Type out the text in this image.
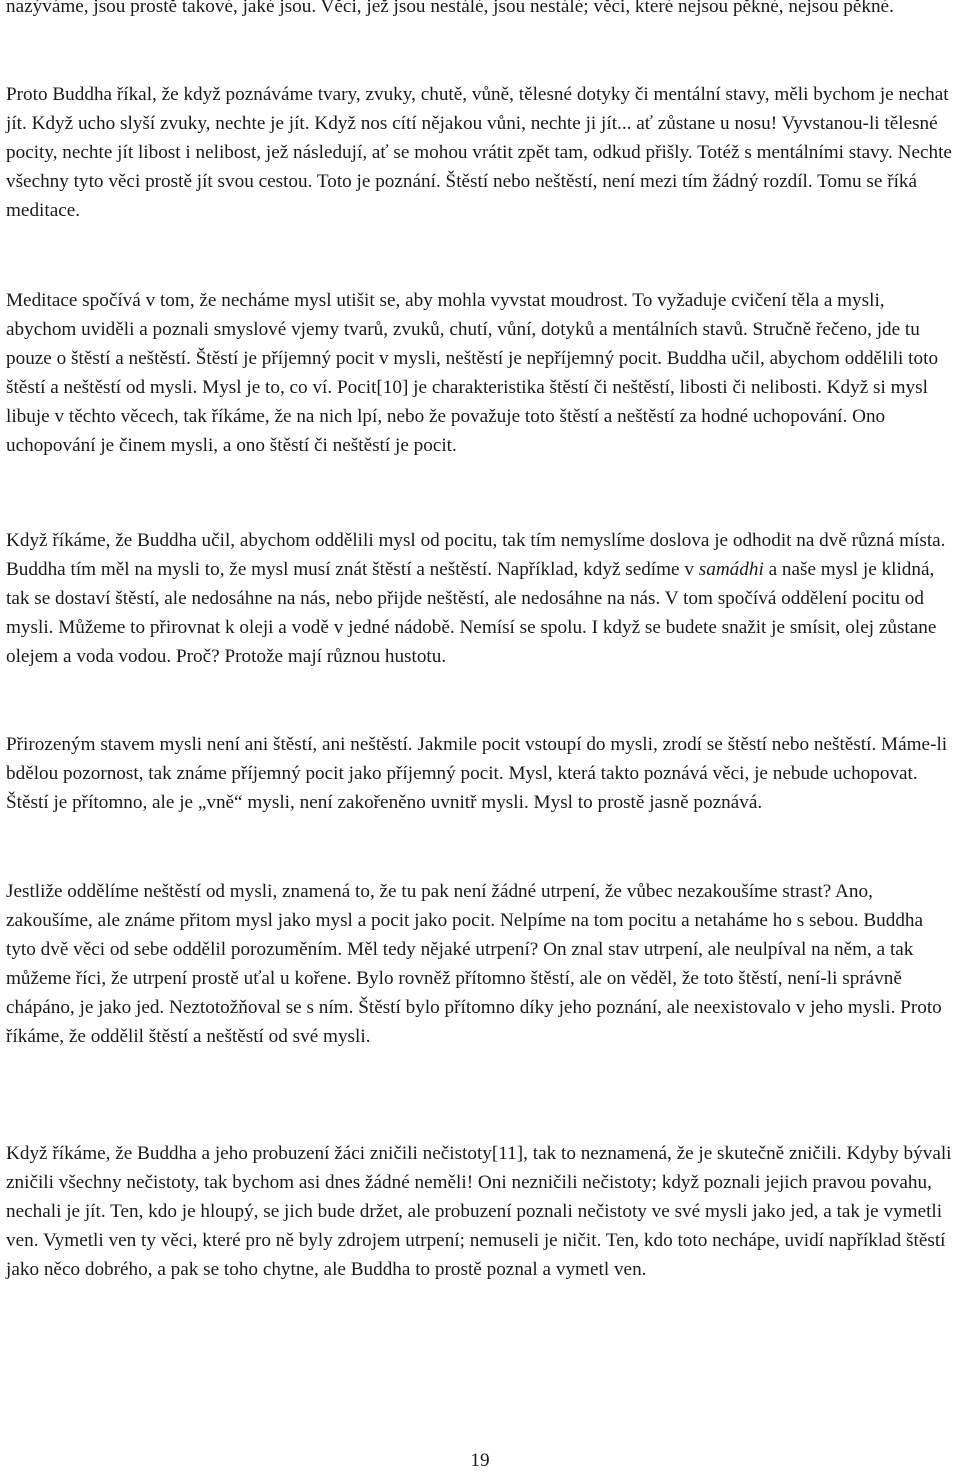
nazýváme, jsou prostě takové, jaké jsou. Věci, jež jsou nestálé, jsou nestálé; věci, které nejsou pěkné, nejsou pěkné.

Proto Buddha říkal, že když poznáváme tvary, zvuky, chutě, vůně, tělesné dotyky či mentální stavy, měli bychom je nechat jít. Když ucho slyší zvuky, nechte je jít. Když nos cítí nějakou vůni, nechte ji jít... ať zůstane u nosu! Vyvstanou-li tělesné pocity, nechte jít libost i nelibost, jež následují, ať se mohou vrátit zpět tam, odkud přišly. Totéž s mentálními stavy. Nechte všechny tyto věci prostě jít svou cestou. Toto je poznání. Štěstí nebo neštěstí, není mezi tím žádný rozdíl. Tomu se říká meditace.

Meditace spočívá v tom, že necháme mysl utišit se, aby mohla vyvstat moudrost. To vyžaduje cvičení těla a mysli, abychom uviděli a poznali smyslové vjemy tvarů, zvuků, chutí, vůní, dotyků a mentálních stavů. Stručně řečeno, jde tu pouze o štěstí a neštěstí. Štěstí je příjemný pocit v mysli, neštěstí je nepříjemný pocit. Buddha učil, abychom oddělili toto štěstí a neštěstí od mysli. Mysl je to, co ví. Pocit[10] je charakteristika štěstí či neštěstí, libosti či nelibosti. Když si mysl libuje v těchto věcech, tak říkáme, že na nich lpí, nebo že považuje toto štěstí a neštěstí za hodné uchopování. Ono uchopování je činem mysli, a ono štěstí či neštěstí je pocit.

Když říkáme, že Buddha učil, abychom oddělili mysl od pocitu, tak tím nemyslíme doslova je odhodit na dvě různá místa. Buddha tím měl na mysli to, že mysl musí znát štěstí a neštěstí. Například, když sedíme v samádhi a naše mysl je klidná, tak se dostaví štěstí, ale nedosáhne na nás, nebo přijde neštěstí, ale nedosáhne na nás. V tom spočívá oddělení pocitu od mysli. Můžeme to přirovnat k oleji a vodě v jedné nádobě. Nemísí se spolu. I když se budete snažit je smísit, olej zůstane olejem a voda vodou. Proč? Protože mají různou hustotu.

Přirozeným stavem mysli není ani štěstí, ani neštěstí. Jakmile pocit vstoupí do mysli, zrodí se štěstí nebo neštěstí. Máme-li bdělou pozornost, tak známe příjemný pocit jako příjemný pocit. Mysl, která takto poznává věci, je nebude uchopovat. Štěstí je přítomno, ale je „vně“ mysli, není zakořeněno uvnitř mysli. Mysl to prostě jasně poznává.

Jestliže oddělíme neštěstí od mysli, znamená to, že tu pak není žádné utrpení, že vůbec nezakoušíme strast? Ano, zakoušíme, ale známe přitom mysl jako mysl a pocit jako pocit. Nelpíme na tom pocitu a netaháme ho s sebou. Buddha tyto dvě věci od sebe oddělil porozuměním. Měl tedy nějaké utrpení? On znal stav utrpení, ale neulpíval na něm, a tak můžeme říci, že utrpení prostě uťal u kořene. Bylo rovněž přítomno štěstí, ale on věděl, že toto štěstí, není-li správně chápáno, je jako jed. Neztotožňoval se s ním. Štěstí bylo přítomno díky jeho poznání, ale neexistovalo v jeho mysli. Proto říkáme, že oddělil štěstí a neštěstí od své mysli.

Když říkáme, že Buddha a jeho probuzení žáci zničili nečistoty[11], tak to neznamená, že je skutečně zničili. Kdyby bývali zničili všechny nečistoty, tak bychom asi dnes žádné neměli! Oni nezničili nečistoty; když poznali jejich pravou povahu, nechali je jít. Ten, kdo je hloupý, se jich bude držet, ale probuzení poznali nečistoty ve své mysli jako jed, a tak je vymetli ven. Vymetli ven ty věci, které pro ně byly zdrojem utrpení; nemuseli je ničit. Ten, kdo toto nechápe, uvidí například štěstí jako něco dobrého, a pak se toho chytne, ale Buddha to prostě poznal a vymetl ven.

19
